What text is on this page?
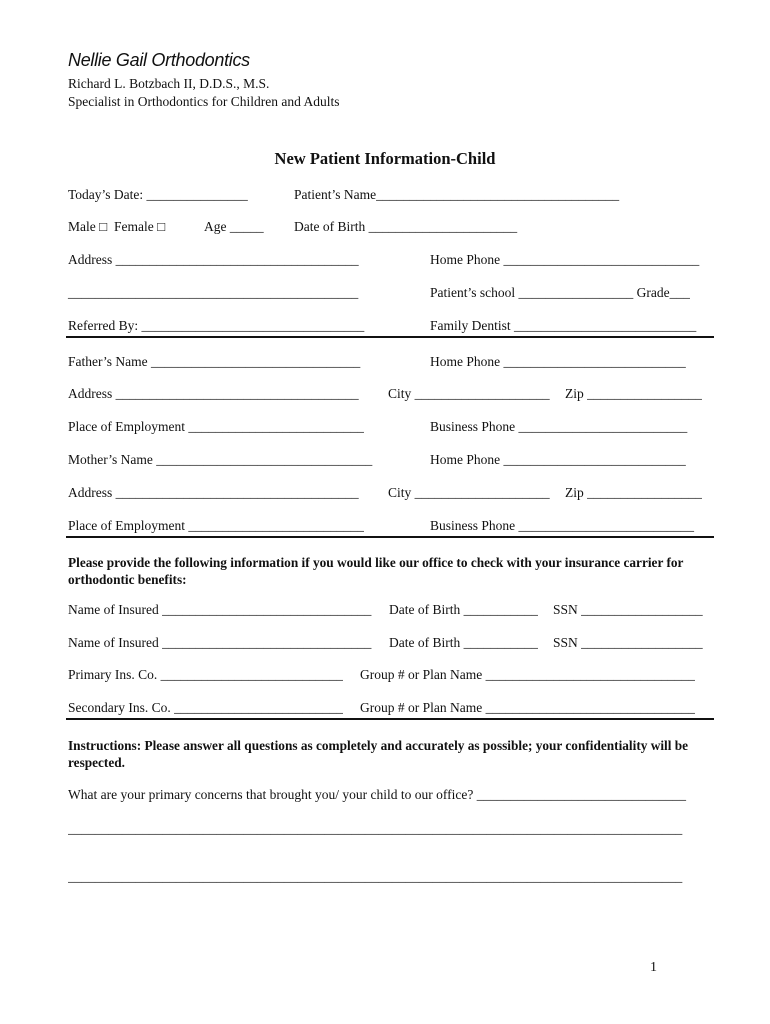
Nellie Gail Orthodontics
Richard L. Botzbach II, D.D.S., M.S.
Specialist in Orthodontics for Children and Adults
New Patient Information-Child
Today’s Date: _______________	Patient’s Name____________________________________
Male □  Female □	Age _____ Date of Birth ______________________
Address ____________________________________	Home Phone _____________________________
___________________________________________	Patient’s school _________________ Grade___
Referred By: _________________________________	Family Dentist ___________________________
Father’s Name _______________________________	Home Phone ___________________________
Address ____________________________________ City ____________________ Zip _________________
Place of Employment __________________________	Business Phone _________________________
Mother’s Name ________________________________	Home Phone ___________________________
Address ____________________________________ City ____________________ Zip _________________
Place of Employment __________________________	Business Phone __________________________
Please provide the following information if you would like our office to check with your insurance carrier for orthodontic benefits:
Name of Insured _______________________________ Date of Birth ___________ SSN __________________
Name of Insured _______________________________ Date of Birth ___________ SSN __________________
Primary Ins. Co. ___________________________ Group # or Plan Name _______________________________
Secondary Ins. Co. _________________________ Group # or Plan Name _______________________________
Instructions: Please answer all questions as completely and accurately as possible; your confidentiality will be respected.
What are your primary concerns that brought you/ your child to our office? _______________________________
___________________________________________________________________________________________
___________________________________________________________________________________________
1
